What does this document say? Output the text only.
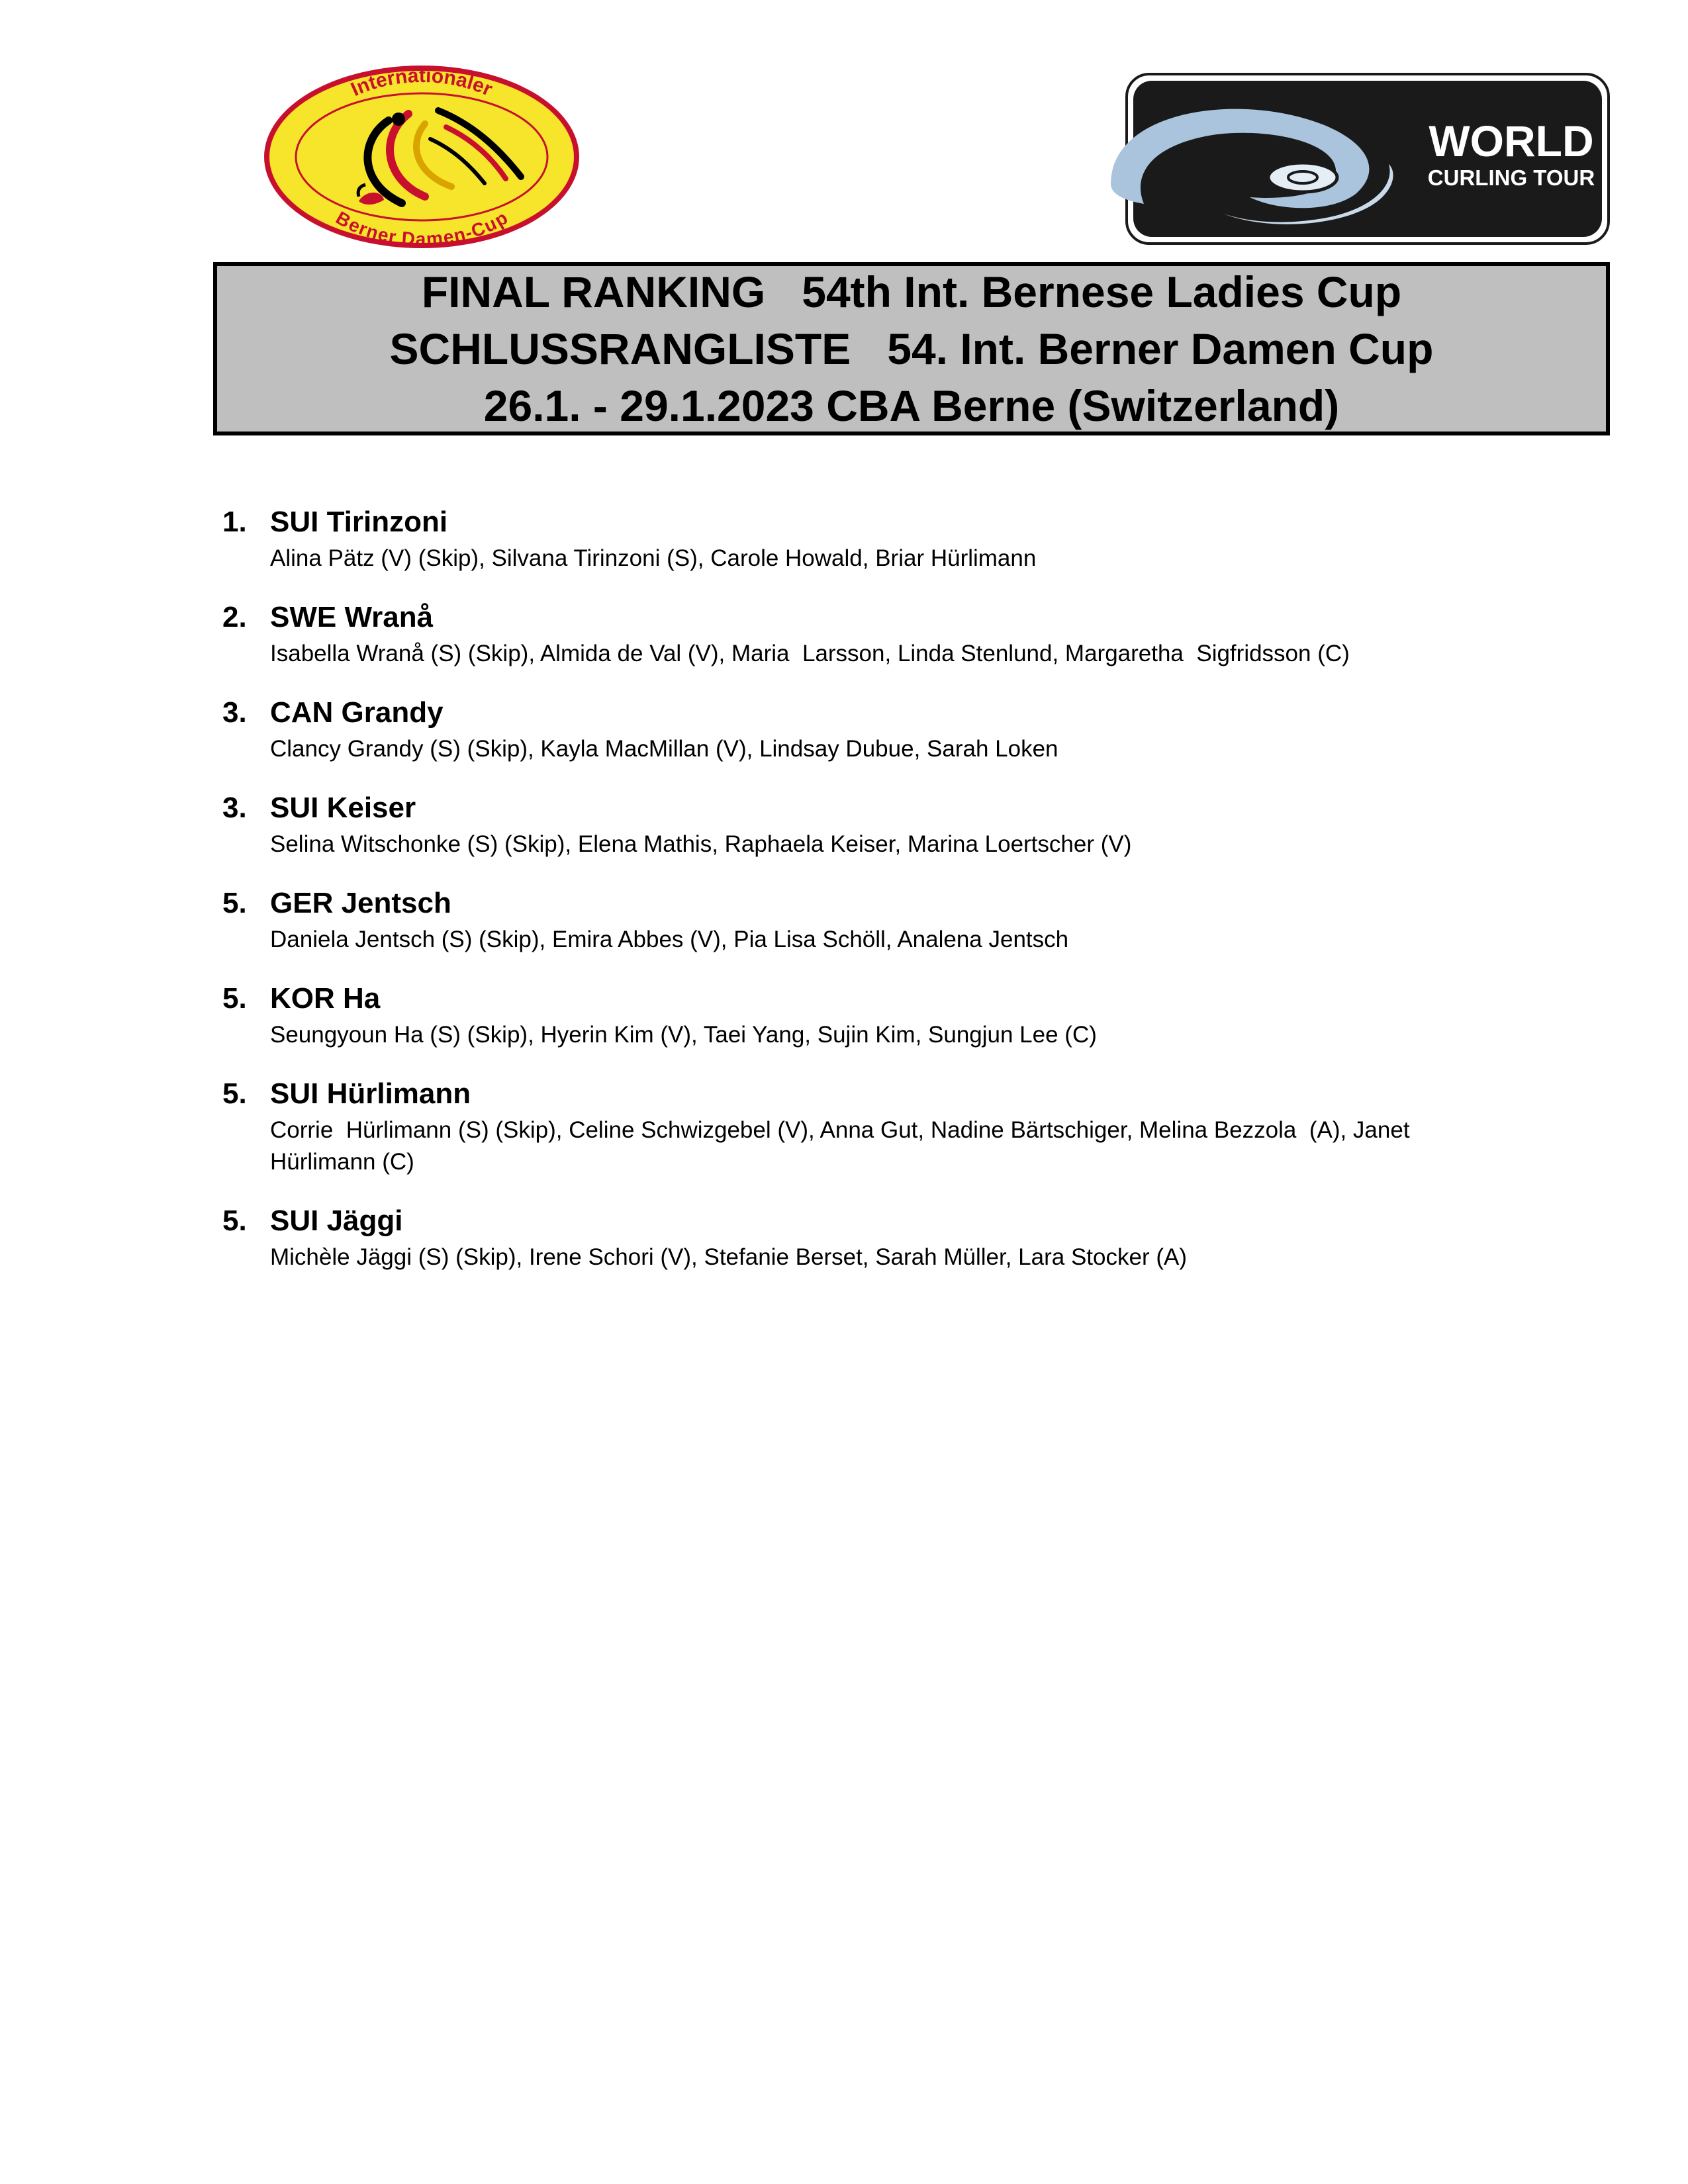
Internationaler
Berner Damen-Cup
WORLD
CURLING TOUR
FINAL RANKING   54th Int. Bernese Ladies Cup
SCHLUSSRANGLISTE   54. Int. Berner Damen Cup
26.1. - 29.1.2023 CBA Berne (Switzerland)
1. SUI Tirinzoni
Alina Pätz (V) (Skip), Silvana Tirinzoni (S), Carole Howald, Briar Hürlimann
2. SWE Wranå
Isabella Wranå (S) (Skip), Almida de Val (V), Maria  Larsson, Linda Stenlund, Margaretha  Sigfridsson (C)
3. CAN Grandy
Clancy Grandy (S) (Skip), Kayla MacMillan (V), Lindsay Dubue, Sarah Loken
3. SUI Keiser
Selina Witschonke (S) (Skip), Elena Mathis, Raphaela Keiser, Marina Loertscher (V)
5. GER Jentsch
Daniela Jentsch (S) (Skip), Emira Abbes (V), Pia Lisa Schöll, Analena Jentsch
5. KOR Ha
Seungyoun Ha (S) (Skip), Hyerin Kim (V), Taei Yang, Sujin Kim, Sungjun Lee (C)
5. SUI Hürlimann
Corrie  Hürlimann (S) (Skip), Celine Schwizgebel (V), Anna Gut, Nadine Bärtschiger, Melina Bezzola  (A), Janet
Hürlimann (C)
5. SUI Jäggi
Michèle Jäggi (S) (Skip), Irene Schori (V), Stefanie Berset, Sarah Müller, Lara Stocker (A)
